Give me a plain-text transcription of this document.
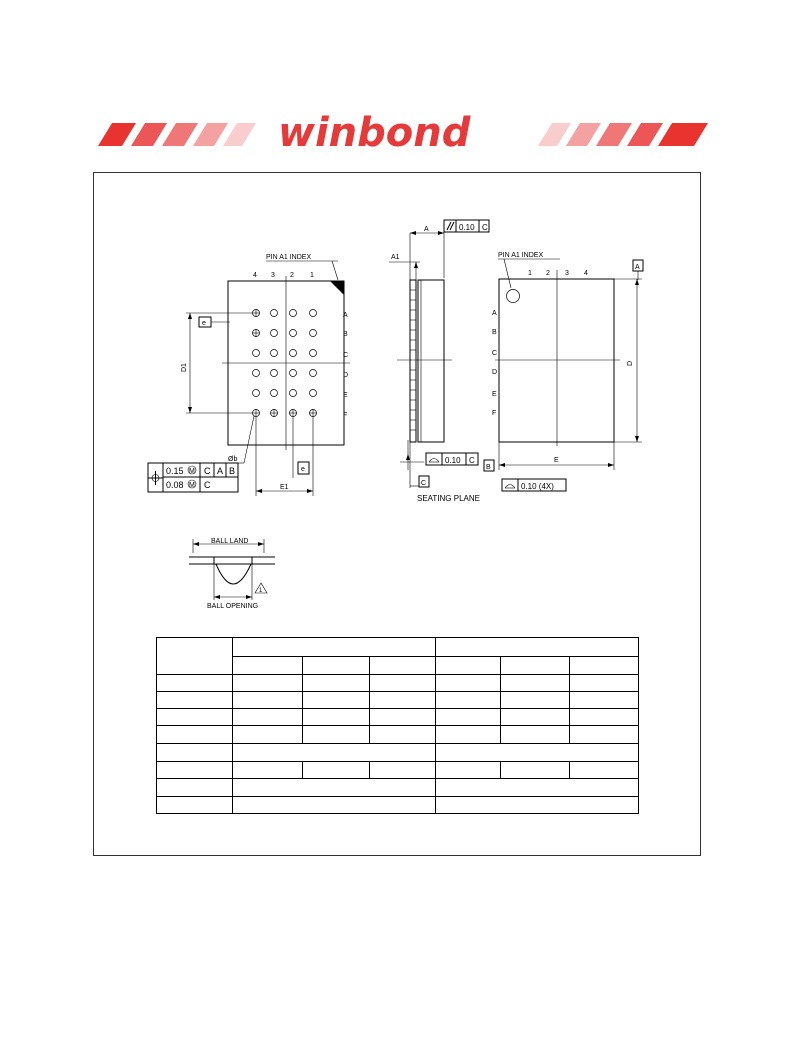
winbond
PIN A1 INDEX
4 3 2 1
A
B
C
D
E
F
D1
e
Øb
E1
e
0.15 M C A B
0.08 M C
A	0.10 C
A1
0.10 C
C
SEATING PLANE
PIN A1 INDEX
1 2 3 4
A
B
C
D
E
F
D
A
E
B
0.10 (4X)
BALL LAND
BALL OPENING
1
